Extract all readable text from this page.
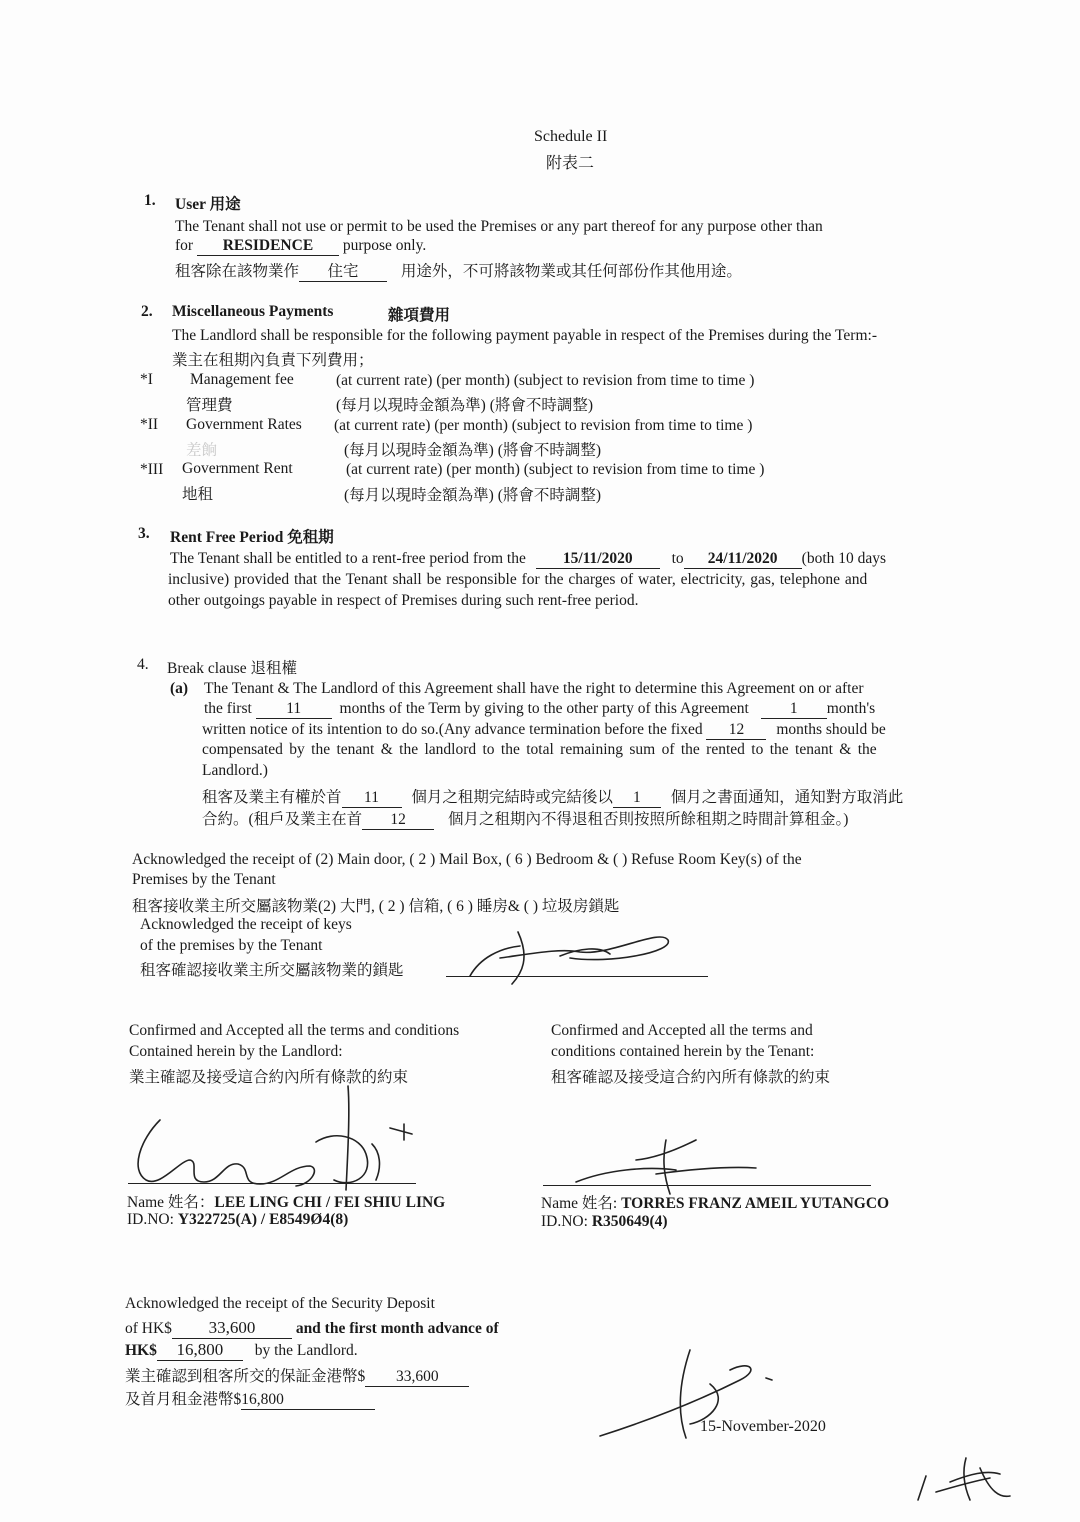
Schedule II
附表二
1. User 用途
The Tenant shall not use or permit to be used the Premises or any part thereof for any purpose other than
for RESIDENCE purpose only.
租客除在該物業作 住宅	用途外，不可將該物業或其任何部份作其他用途。
2. Miscellaneous Payments	雜項費用
The Landlord shall be responsible for the following payment payable in respect of the Premises during the Term:-
業主在租期內負責下列費用；
*I Management fee
管理費
(at current rate) (per month) (subject to revision from time to time )
(每月以現時金額為準) (將會不時調整)
*II Government Rates
差餉
(at current rate) (per month) (subject to revision from time to time )
(每月以現時金額為準) (將會不時調整)
*III Government Rent
地租
(at current rate) (per month) (subject to revision from time to time )
(每月以現時金額為準) (將會不時調整)
3. Rent Free Period 免租期
The Tenant shall be entitled to a rent-free period from the 15/11/2020	to 24/11/2020 (both 10 days
inclusive) provided that the Tenant shall be responsible for the charges of water, electricity, gas, telephone and
other outgoings payable in respect of Premises during such rent-free period.
4. Break clause 退租權
(a) The Tenant & The Landlord of this Agreement shall have the right to determine this Agreement on or after
the first 11 months of the Term by giving to the other party of this Agreement	1 month's
written notice of its intention to do so.(Any advance termination before the fixed 12 months should be
compensated by the tenant & the landlord to the total remaining sum of the rented to the tenant & the
Landlord.)
租客及業主有權於首 11 個月之租期完結時或完結後以 1 個月之書面通知，通知對方取消此
合約。(租戶及業主在首 12	個月之租期內不得退租否則按照所餘租期之時間計算租金。)
Acknowledged the receipt of (2) Main door, ( 2 ) Mail Box, ( 6 ) Bedroom & ( ) Refuse Room Key(s) of the
Premises by the Tenant
租客接收業主所交屬該物業(2) 大門, ( 2 ) 信箱, ( 6 ) 睡房& ( ) 垃圾房鎖匙
Acknowledged the receipt of keys
of the premises by the Tenant
租客確認接收業主所交屬該物業的鎖匙
Confirmed and Accepted all the terms and conditions
Contained herein by the Landlord:
業主確認及接受這合約內所有條款的約束
Name 姓名：LEE LING CHI / FEI SHIU LING
ID.NO: Y322725(A) / E8549Ø4(8)
Confirmed and Accepted all the terms and
conditions contained herein by the Tenant:
租客確認及接受這合約內所有條款的約束
Name 姓名: TORRES FRANZ AMEIL YUTANGCO
ID.NO: R350649(4)
Acknowledged the receipt of the Security Deposit
of HK$ 33,600	and the first month advance of
HK$ 16,800 by the Landlord.
業主確認到租客所交的保証金港幣$ 33,600
及首月租金港幣$16,800
15-November-2020
